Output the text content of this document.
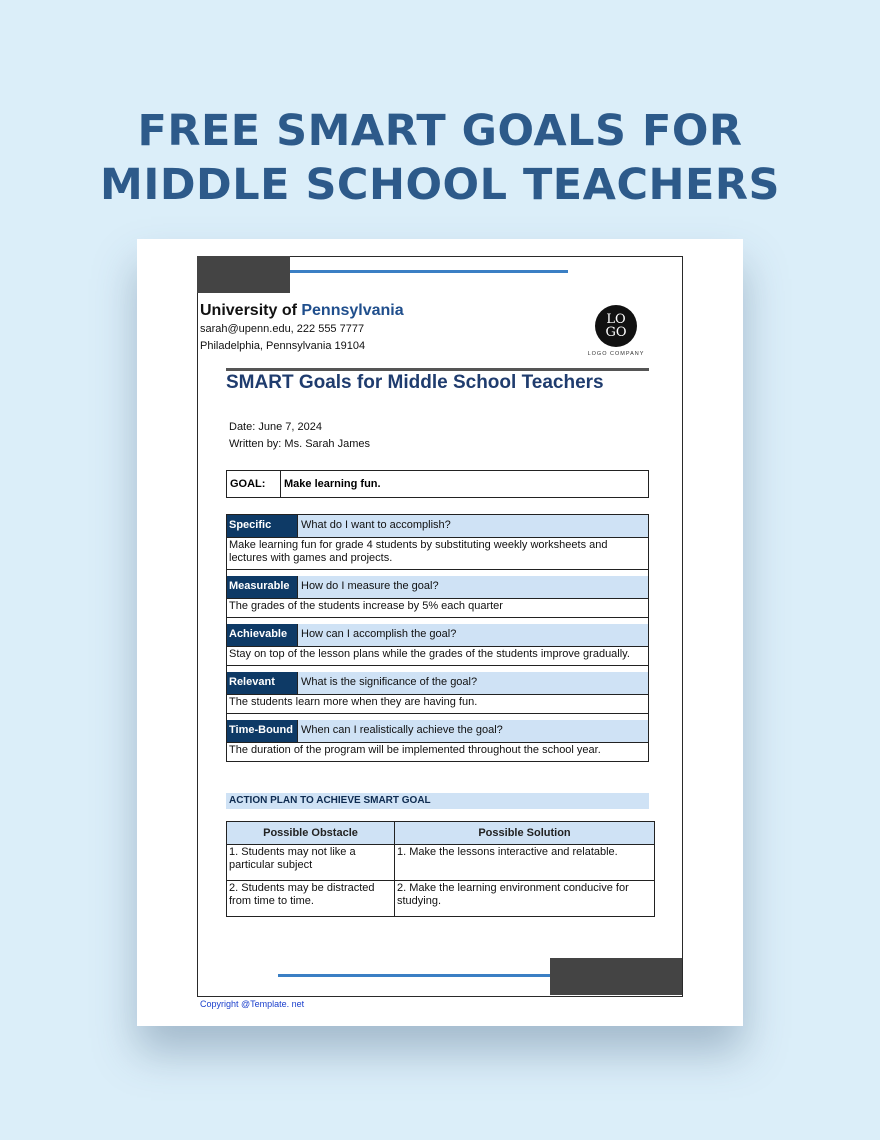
FREE SMART GOALS FOR
MIDDLE SCHOOL TEACHERS
University of Pennsylvania
sarah@upenn.edu, 222 555 7777
Philadelphia, Pennsylvania 19104
LO
GO
LOGO COMPANY
SMART Goals for Middle School Teachers
Date: June 7, 2024
Written by: Ms. Sarah James
GOAL:	Make learning fun.
Specific	What do I want to accomplish?
Make learning fun for grade 4 students by substituting weekly worksheets and lectures with games and projects.
Measurable	How do I measure the goal?
The grades of the students increase by 5% each quarter
Achievable	How can I accomplish the goal?
Stay on top of the lesson plans while the grades of the students improve gradually.
Relevant	What is the significance of the goal?
The students learn more when they are having fun.
Time-Bound When can I realistically achieve the goal?
The duration of the program will be implemented throughout the school year.
ACTION PLAN TO ACHIEVE SMART GOAL
Possible Obstacle	Possible Solution
1. Students may not like a particular subject	1. Make the lessons interactive and relatable.
2. Students may be distracted from time to time.	2. Make the learning environment conducive for studying.
Copyright @Template. net
